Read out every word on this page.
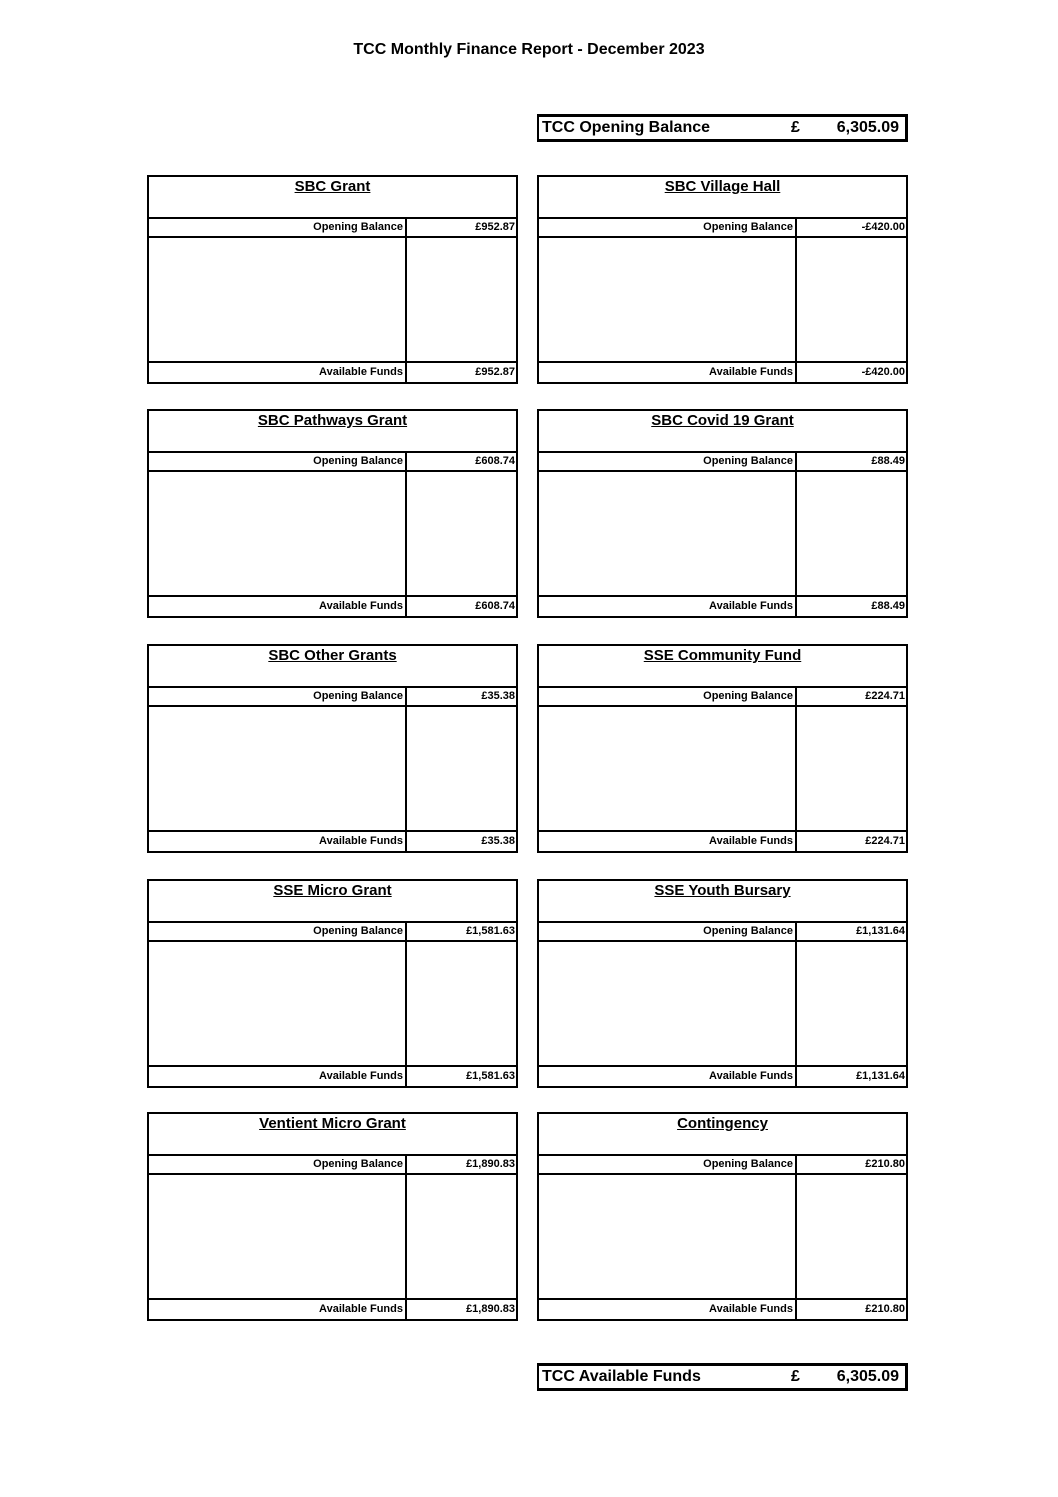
TCC Monthly Finance Report - December 2023
TCC Opening Balance	£	6,305.09
SBC Grant
Opening Balance	£952.87
Available Funds	£952.87
SBC Village Hall
Opening Balance	-£420.00
Available Funds	-£420.00
SBC Pathways Grant
Opening Balance	£608.74
Available Funds	£608.74
SBC Covid 19 Grant
Opening Balance	£88.49
Available Funds	£88.49
SBC Other Grants
Opening Balance	£35.38
Available Funds	£35.38
SSE Community Fund
Opening Balance	£224.71
Available Funds	£224.71
SSE Micro Grant
Opening Balance	£1,581.63
Available Funds	£1,581.63
SSE Youth Bursary
Opening Balance	£1,131.64
Available Funds	£1,131.64
Ventient Micro Grant
Opening Balance	£1,890.83
Available Funds	£1,890.83
Contingency
Opening Balance	£210.80
Available Funds	£210.80
TCC Available Funds	£	6,305.09
